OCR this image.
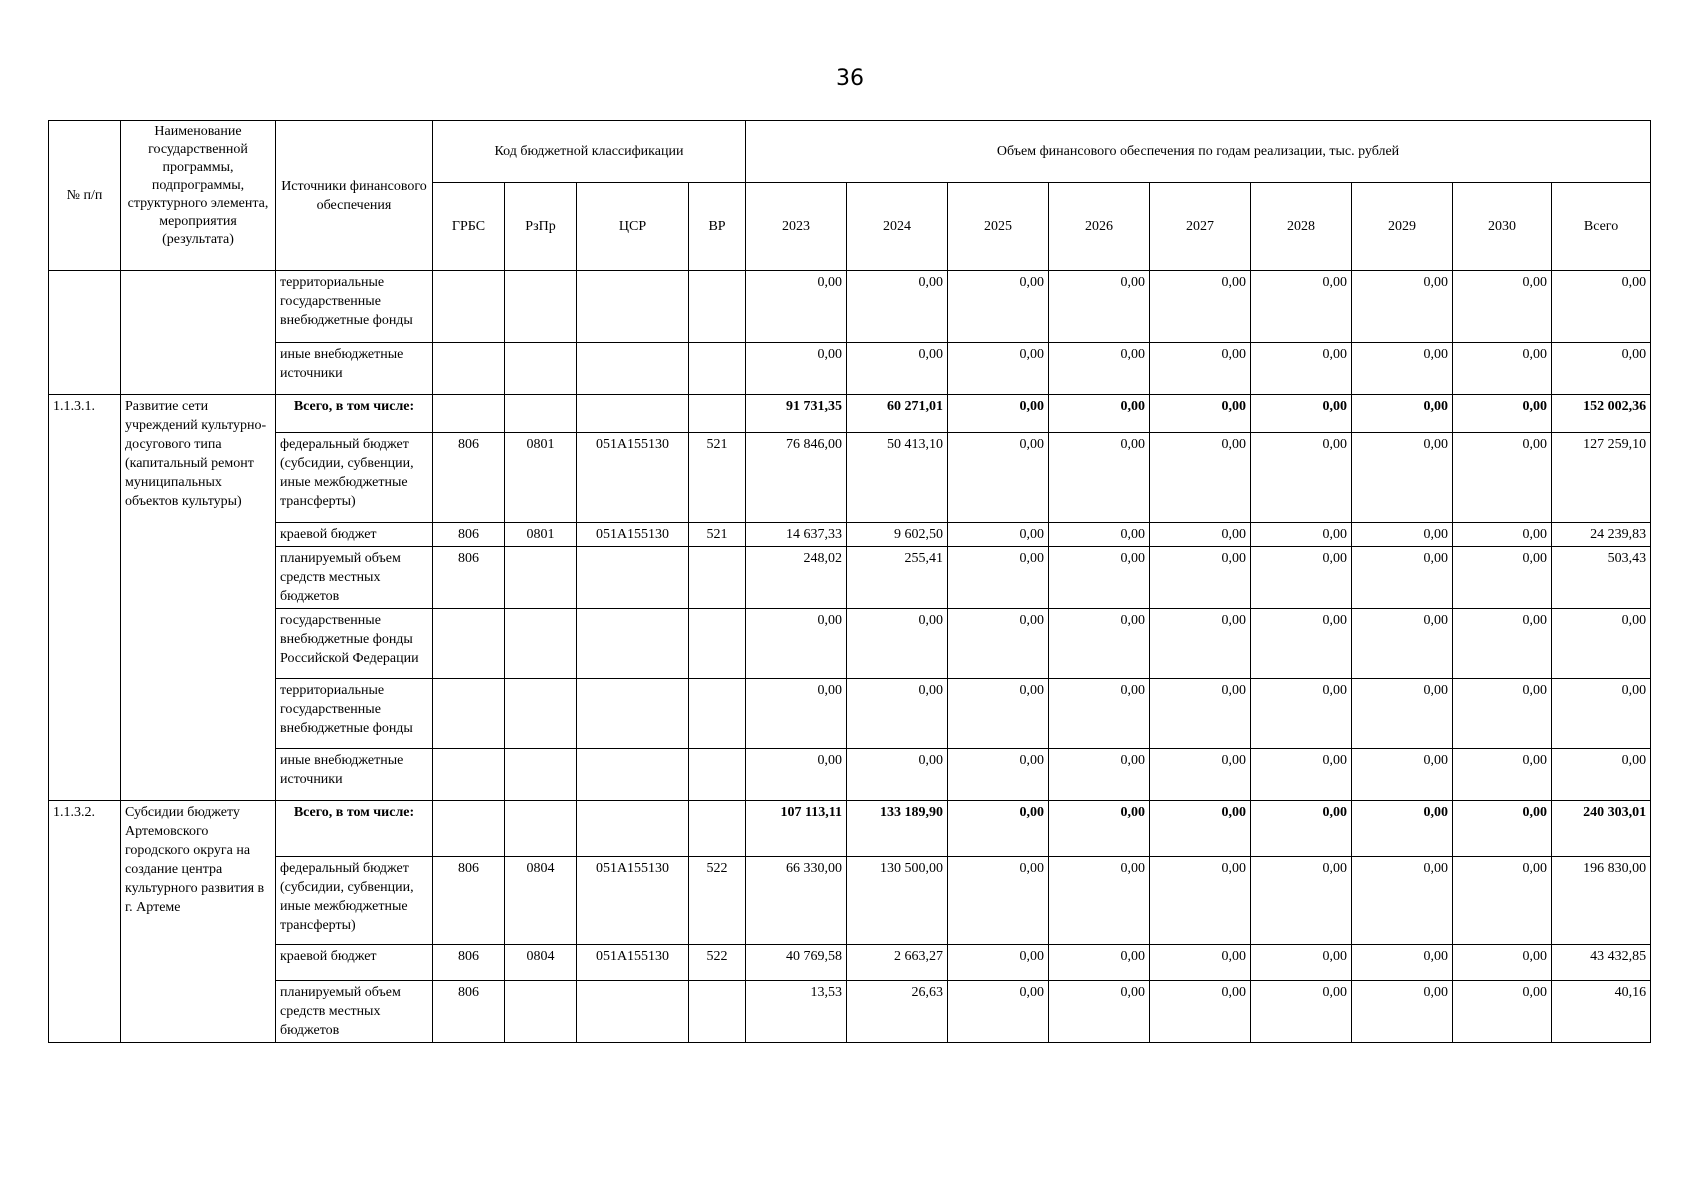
36
№ п/п	Наименование государственной программы, подпрограммы, структурного элемента, мероприятия (результата)	Источники финансового обеспечения	Код бюджетной классификации				Объем финансового обеспечения по годам реализации, тыс. рублей								
			ГРБС	РзПр	ЦСР	ВР	2023	2024	2025	2026	2027	2028	2029	2030	Всего
		территориальные государственные внебюджетные фонды					0,00	0,00	0,00	0,00	0,00	0,00	0,00	0,00	0,00
		иные внебюджетные источники					0,00	0,00	0,00	0,00	0,00	0,00	0,00	0,00	0,00
1.1.3.1.	Развитие сети учреждений культурно-досугового типа (капитальный ремонт муниципальных объектов культуры)	Всего, в том числе:					91 731,35	60 271,01	0,00	0,00	0,00	0,00	0,00	0,00	152 002,36
		федеральный бюджет (субсидии, субвенции, иные межбюджетные трансферты)	806	0801	051А155130	521	76 846,00	50 413,10	0,00	0,00	0,00	0,00	0,00	0,00	127 259,10
		краевой бюджет	806	0801	051А155130	521	14 637,33	9 602,50	0,00	0,00	0,00	0,00	0,00	0,00	24 239,83
		планируемый объем средств местных бюджетов	806				248,02	255,41	0,00	0,00	0,00	0,00	0,00	0,00	503,43
		государственные внебюджетные фонды Российской Федерации					0,00	0,00	0,00	0,00	0,00	0,00	0,00	0,00	0,00
		территориальные государственные внебюджетные фонды					0,00	0,00	0,00	0,00	0,00	0,00	0,00	0,00	0,00
		иные внебюджетные источники					0,00	0,00	0,00	0,00	0,00	0,00	0,00	0,00	0,00
1.1.3.2.	Субсидии бюджету Артемовского городского округа на создание центра культурного развития в г. Артеме	Всего, в том числе:					107 113,11	133 189,90	0,00	0,00	0,00	0,00	0,00	0,00	240 303,01
		федеральный бюджет (субсидии, субвенции, иные межбюджетные трансферты)	806	0804	051А155130	522	66 330,00	130 500,00	0,00	0,00	0,00	0,00	0,00	0,00	196 830,00
		краевой бюджет	806	0804	051А155130	522	40 769,58	2 663,27	0,00	0,00	0,00	0,00	0,00	0,00	43 432,85
		планируемый объем средств местных бюджетов	806				13,53	26,63	0,00	0,00	0,00	0,00	0,00	0,00	40,16
